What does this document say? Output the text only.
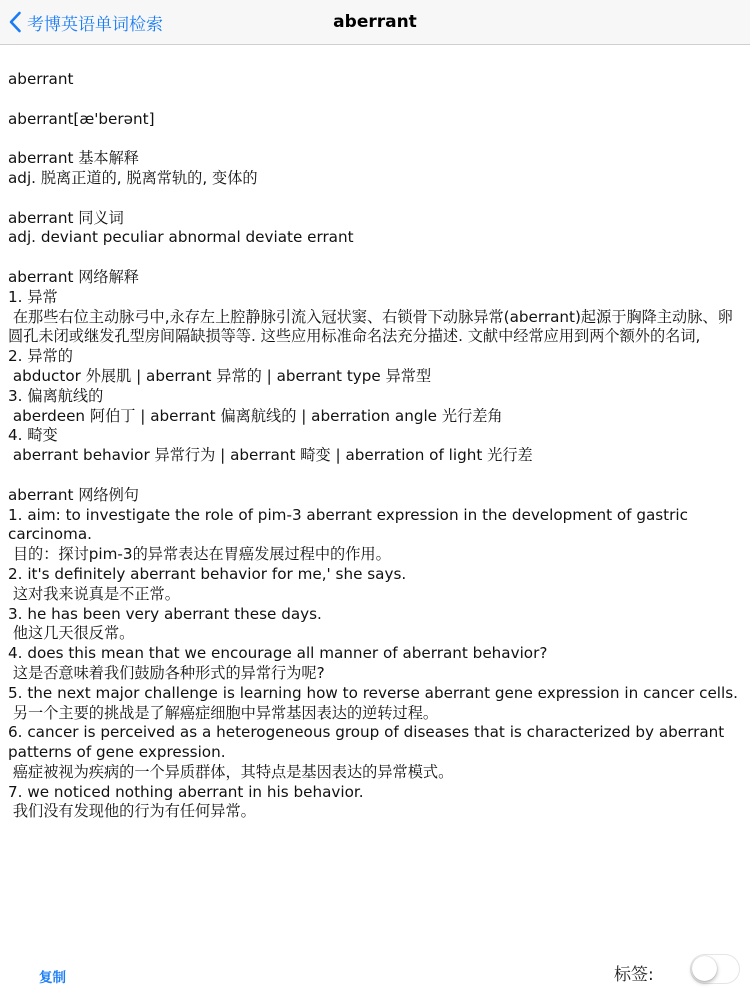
考博英语单词检索	aberrant
aberrant
aberrant[æ'berənt]
aberrant 基本解释
adj. 脱离正道的, 脱离常轨的, 变体的
aberrant 同义词
adj. deviant peculiar abnormal deviate errant
aberrant 网络解释
1. 异常
在那些右位主动脉弓中,永存左上腔静脉引流入冠状窦、右锁骨下动脉异常(aberrant)起源于胸降主动脉、卵圆孔未闭或继发孔型房间隔缺损等等. 这些应用标准命名法充分描述. 文献中经常应用到两个额外的名词,
2. 异常的
abductor 外展肌 | aberrant 异常的 | aberrant type 异常型
3. 偏离航线的
aberdeen 阿伯丁 | aberrant 偏离航线的 | aberration angle 光行差角
4. 畸变
aberrant behavior 异常行为 | aberrant 畸变 | aberration of light 光行差
aberrant 网络例句
1. aim: to investigate the role of pim-3 aberrant expression in the development of gastric carcinoma.
目的：探讨pim-3的异常表达在胃癌发展过程中的作用。
2. it's definitely aberrant behavior for me,' she says.
这对我来说真是不正常。
3. he has been very aberrant these days.
他这几天很反常。
4. does this mean that we encourage all manner of aberrant behavior?
这是否意味着我们鼓励各种形式的异常行为呢?
5. the next major challenge is learning how to reverse aberrant gene expression in cancer cells.
另一个主要的挑战是了解癌症细胞中异常基因表达的逆转过程。
6. cancer is perceived as a heterogeneous group of diseases that is characterized by aberrant patterns of gene expression.
癌症被视为疾病的一个异质群体，其特点是基因表达的异常模式。
7. we noticed nothing aberrant in his behavior.
我们没有发现他的行为有任何异常。
复制	标签:
